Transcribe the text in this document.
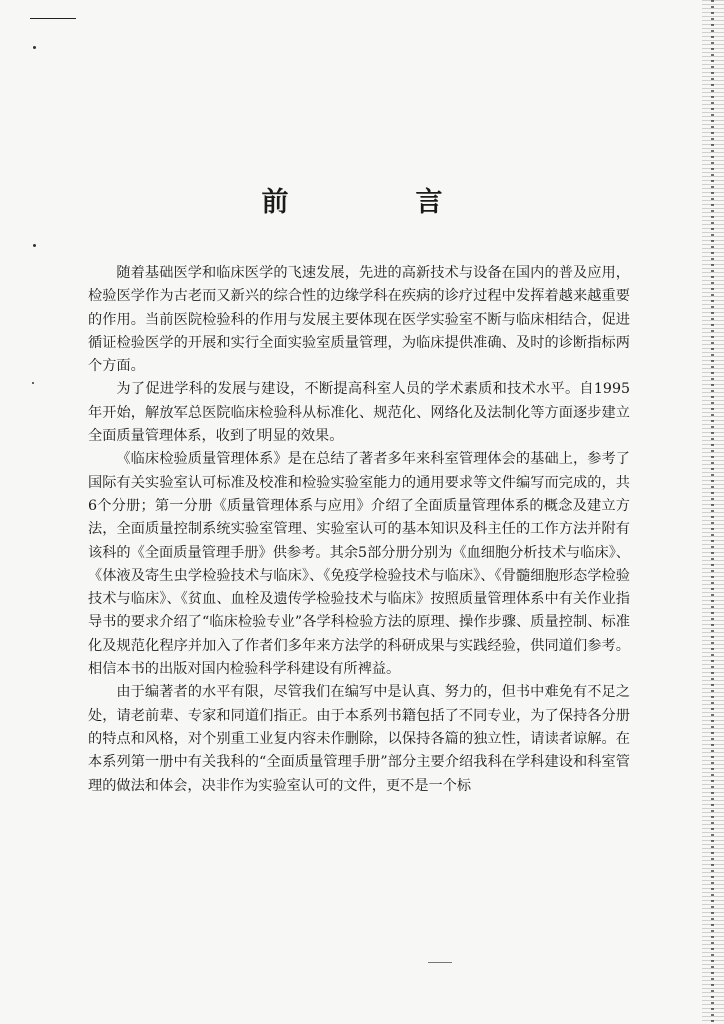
前　言

随着基础医学和临床医学的飞速发展，先进的高新技术与设备在国内的普及应用，检验医学作为古老而又新兴的综合性的边缘学科在疾病的诊疗过程中发挥着越来越重要的作用。当前医院检验科的作用与发展主要体现在医学实验室不断与临床相结合，促进循证检验医学的开展和实行全面实验室质量管理，为临床提供准确、及时的诊断指标两个方面。

为了促进学科的发展与建设，不断提高科室人员的学术素质和技术水平。自1995年开始，解放军总医院临床检验科从标准化、规范化、网络化及法制化等方面逐步建立全面质量管理体系，收到了明显的效果。

《临床检验质量管理体系》是在总结了著者多年来科室管理体会的基础上，参考了国际有关实验室认可标准及校准和检验实验室能力的通用要求等文件编写而完成的，共6个分册；第一分册《质量管理体系与应用》介绍了全面质量管理体系的概念及建立方法，全面质量控制系统实验室管理、实验室认可的基本知识及科主任的工作方法并附有该科的《全面质量管理手册》供参考。其余5部分册分别为《血细胞分析技术与临床》、《体液及寄生虫学检验技术与临床》、《免疫学检验技术与临床》、《骨髓细胞形态学检验技术与临床》、《贫血、血栓及遗传学检验技术与临床》按照质量管理体系中有关作业指导书的要求介绍了“临床检验专业”各学科检验方法的原理、操作步骤、质量控制、标准化及规范化程序并加入了作者们多年来方法学的科研成果与实践经验，供同道们参考。相信本书的出版对国内检验科学科建设有所裨益。

由于编著者的水平有限，尽管我们在编写中是认真、努力的，但书中难免有不足之处，请老前辈、专家和同道们指正。由于本系列书籍包括了不同专业，为了保持各分册的特点和风格，对个别重工业复内容未作删除，以保持各篇的独立性，请读者谅解。在本系列第一册中有关我科的“全面质量管理手册”部分主要介绍我科在学科建设和科室管理的做法和体会，决非作为实验室认可的文件，更不是一个标
